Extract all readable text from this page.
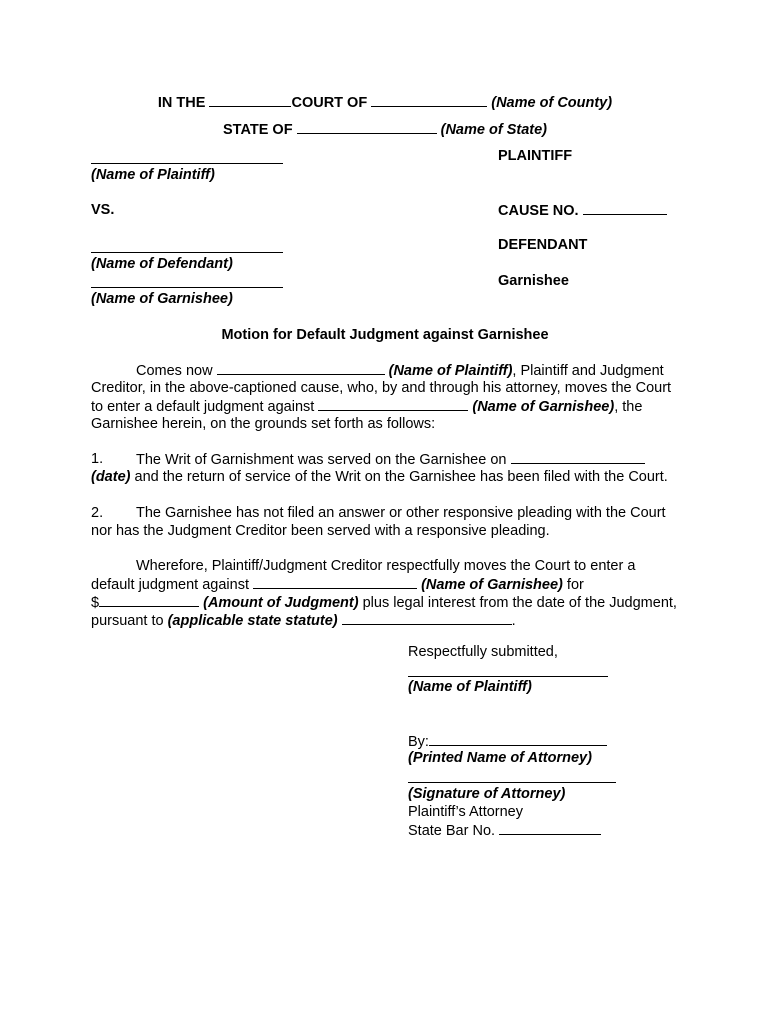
IN THE	COURT OF	(Name of County)
STATE OF	(Name of State)
PLAINTIFF
(Name of Plaintiff)
VS.	CAUSE NO.
DEFENDANT
(Name of Defendant)
Garnishee
(Name of Garnishee)
Motion for Default Judgment against Garnishee
Comes now	(Name of Plaintiff), Plaintiff and Judgment
Creditor, in the above-captioned cause, who, by and through his attorney, moves the Court
to enter a default judgment against	(Name of Garnishee), the
Garnishee herein, on the grounds set forth as follows:
1. The Writ of Garnishment was served on the Garnishee on
(date) and the return of service of the Writ on the Garnishee has been filed with the Court.
2. The Garnishee has not filed an answer or other responsive pleading with the Court
nor has the Judgment Creditor been served with a responsive pleading.
Wherefore, Plaintiff/Judgment Creditor respectfully moves the Court to enter a
default judgment against	(Name of Garnishee) for
$	(Amount of Judgment) plus legal interest from the date of the Judgment,
pursuant to (applicable state statute)	.
Respectfully submitted,
(Name of Plaintiff)
By:
(Printed Name of Attorney)
(Signature of Attorney)
Plaintiff’s Attorney
State Bar No.
